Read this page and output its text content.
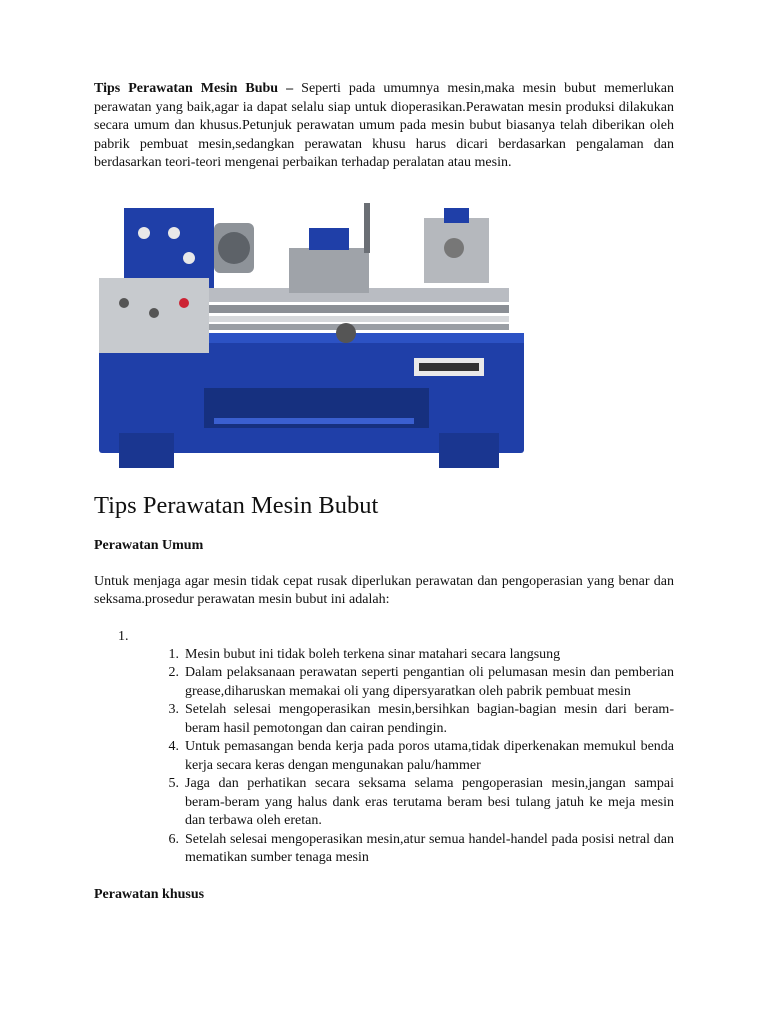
Tips Perawatan Mesin Bubu – Seperti pada umumnya mesin,maka mesin bubut memerlukan perawatan yang baik,agar ia dapat selalu siap untuk dioperasikan.Perawatan mesin produksi dilakukan secara umum dan khusus.Petunjuk perawatan umum pada mesin bubut biasanya telah diberikan oleh pabrik pembuat mesin,sedangkan perawatan khusu harus dicari berdasarkan pengalaman dan berdasarkan teori-teori mengenai perbaikan terhadap peralatan atau mesin.

Tips Perawatan Mesin Bubut
Perawatan Umum

Untuk menjaga agar mesin tidak cepat rusak diperlukan perawatan dan pengoperasian yang benar dan seksama.prosedur perawatan mesin bubut ini adalah:

1.
1. Mesin bubut ini tidak boleh terkena sinar matahari secara langsung
2. Dalam pelaksanaan perawatan seperti pengantian oli pelumasan mesin dan pemberian grease,diharuskan memakai oli yang dipersyaratkan oleh pabrik pembuat mesin
3. Setelah selesai mengoperasikan mesin,bersihkan bagian-bagian mesin dari beram-beram hasil pemotongan dan cairan pendingin.
4. Untuk pemasangan benda kerja pada poros utama,tidak diperkenakan memukul benda kerja secara keras dengan mengunakan palu/hammer
5. Jaga dan perhatikan secara seksama selama pengoperasian mesin,jangan sampai beram-beram yang halus dank eras terutama beram besi tulang jatuh ke meja mesin dan terbawa oleh eretan.
6. Setelah selesai mengoperasikan mesin,atur semua handel-handel pada posisi netral dan mematikan sumber tenaga mesin
Perawatan khusus
